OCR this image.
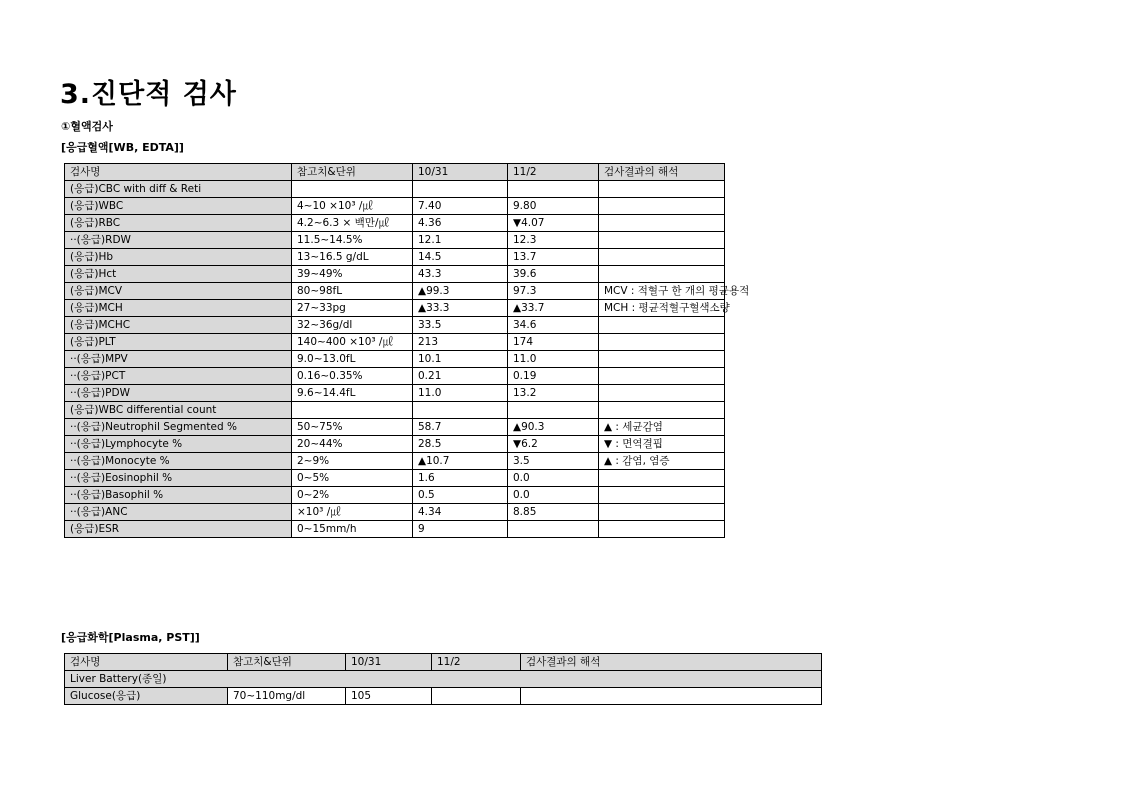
3.진단적 검사
①혈액검사
[응급혈액[WB, EDTA]]
검사명	참고치&단위	10/31	11/2	검사결과의 해석
(응급)CBC with diff & Reti				
(응급)WBC	4~10 ×10³ /㎕	7.40	9.80	
(응급)RBC	4.2~6.3 × 백만/㎕	4.36	▼4.07	
··(응급)RDW	11.5~14.5%	12.1	12.3	
(응급)Hb	13~16.5 g/dL	14.5	13.7	
(응급)Hct	39~49%	43.3	39.6	
(응급)MCV	80~98fL	▲99.3	97.3	MCV : 적혈구 한 개의 평균용적
(응급)MCH	27~33pg	▲33.3	▲33.7	MCH : 평균적혈구혈색소량
(응급)MCHC	32~36g/dl	33.5	34.6	
(응급)PLT	140~400 ×10³ /㎕	213	174	
··(응급)MPV	9.0~13.0fL	10.1	11.0	
··(응급)PCT	0.16~0.35%	0.21	0.19	
··(응급)PDW	9.6~14.4fL	11.0	13.2	
(응급)WBC differential count				
··(응급)Neutrophil Segmented %	50~75%	58.7	▲90.3	▲ : 세균감염
··(응급)Lymphocyte %	20~44%	28.5	▼6.2	▼ : 면역결핍
··(응급)Monocyte %	2~9%	▲10.7	3.5	▲ : 감염, 염증
··(응급)Eosinophil %	0~5%	1.6	0.0	
··(응급)Basophil %	0~2%	0.5	0.0	
··(응급)ANC	×10³ /㎕	4.34	8.85	
(응급)ESR	0~15mm/h	9		
[응급화학[Plasma, PST]]
검사명	참고치&단위	10/31	11/2	검사결과의 해석
Liver Battery(종일)				
Glucose(응급)	70~110mg/dl	105		
